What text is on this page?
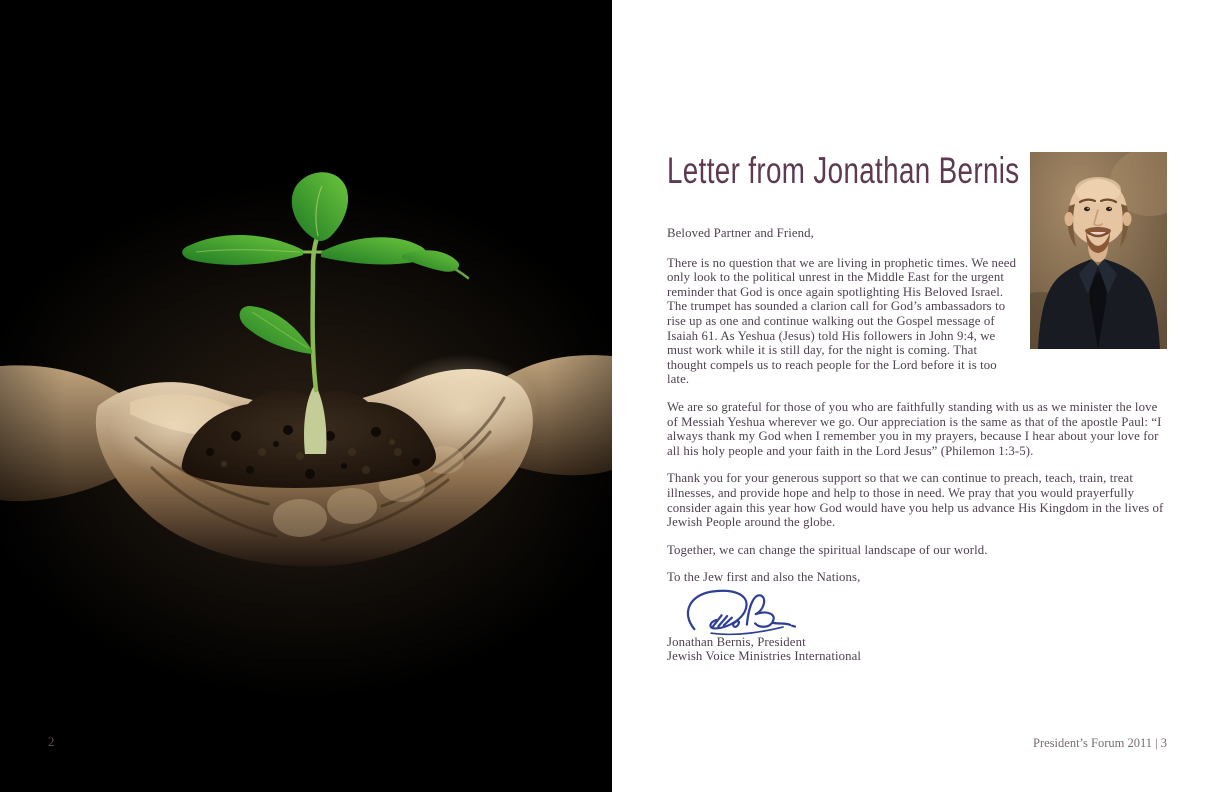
2
Letter from Jonathan Bernis

Beloved Partner and Friend,

There is no question that we are living in prophetic times. We need only look to the political unrest in the Middle East for the urgent reminder that God is once again spotlighting His Beloved Israel. The trumpet has sounded a clarion call for God’s ambassadors to rise up as one and continue walking out the Gospel message of Isaiah 61. As Yeshua (Jesus) told His followers in John 9:4, we must work while it is still day, for the night is coming. That thought compels us to reach people for the Lord before it is too late.

We are so grateful for those of you who are faithfully standing with us as we minister the love of Messiah Yeshua wherever we go. Our appreciation is the same as that of the apostle Paul: “I always thank my God when I remember you in my prayers, because I hear about your love for all his holy people and your faith in the Lord Jesus” (Philemon 1:3-5).

Thank you for your generous support so that we can continue to preach, teach, train, treat illnesses, and provide hope and help to those in need. We pray that you would prayerfully consider again this year how God would have you help us advance His Kingdom in the lives of Jewish People around the globe.

Together, we can change the spiritual landscape of our world.

To the Jew first and also the Nations,

Jonathan Bernis, President

Jewish Voice Ministries International

President’s Forum 2011 | 3
